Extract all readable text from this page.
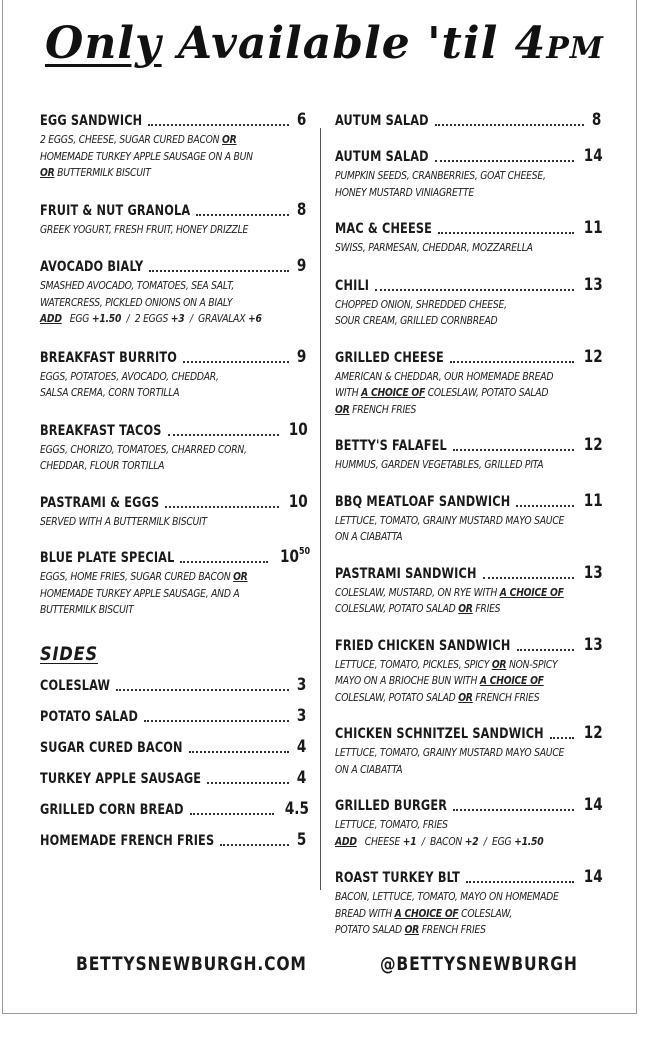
Only Available 'til 4PM
EGG SANDWICH	6
2 EGGS, CHEESE, SUGAR CURED BACON OR
HOMEMADE TURKEY APPLE SAUSAGE ON A BUN
OR BUTTERMILK BISCUIT
FRUIT & NUT GRANOLA	8
GREEK YOGURT, FRESH FRUIT, HONEY DRIZZLE
AVOCADO BIALY	9
SMASHED AVOCADO, TOMATOES, SEA SALT,
WATERCRESS, PICKLED ONIONS ON A BIALY
ADD   EGG +1.50  /  2 EGGS +3  /  GRAVALAX +6
BREAKFAST BURRITO	9
EGGS, POTATOES, AVOCADO, CHEDDAR,
SALSA CREMA, CORN TORTILLA
BREAKFAST TACOS	10
EGGS, CHORIZO, TOMATOES, CHARRED CORN,
CHEDDAR, FLOUR TORTILLA
PASTRAMI & EGGS	10
SERVED WITH A BUTTERMILK BISCUIT
BLUE PLATE SPECIAL	$10^{50}$
EGGS, HOME FRIES, SUGAR CURED BACON OR
HOMEMADE TURKEY APPLE SAUSAGE, AND A
BUTTERMILK BISCUIT
SIDES
COLESLAW	3
POTATO SALAD	3
SUGAR CURED BACON	4
TURKEY APPLE SAUSAGE	4
GRILLED CORN BREAD	4.5
HOMEMADE FRENCH FRIES	5
AUTUM SALAD	8
AUTUM SALAD	14
PUMPKIN SEEDS, CRANBERRIES, GOAT CHEESE,
HONEY MUSTARD VINIAGRETTE
MAC & CHEESE	11
SWISS, PARMESAN, CHEDDAR, MOZZARELLA
CHILI	13
CHOPPED ONION, SHREDDED CHEESE,
SOUR CREAM, GRILLED CORNBREAD
GRILLED CHEESE	12
AMERICAN & CHEDDAR, OUR HOMEMADE BREAD
WITH A CHOICE OF COLESLAW, POTATO SALAD
OR FRENCH FRIES
BETTY'S FALAFEL	12
HUMMUS, GARDEN VEGETABLES, GRILLED PITA
BBQ MEATLOAF SANDWICH	11
LETTUCE, TOMATO, GRAINY MUSTARD MAYO SAUCE
ON A CIABATTA
PASTRAMI SANDWICH	13
COLESLAW, MUSTARD, ON RYE WITH A CHOICE OF
COLESLAW, POTATO SALAD OR FRIES
FRIED CHICKEN SANDWICH	13
LETTUCE, TOMATO, PICKLES, SPICY OR NON-SPICY
MAYO ON A BRIOCHE BUN WITH A CHOICE OF
COLESLAW, POTATO SALAD OR FRENCH FRIES
CHICKEN SCHNITZEL SANDWICH 12
LETTUCE, TOMATO, GRAINY MUSTARD MAYO SAUCE
ON A CIABATTA
GRILLED BURGER	14
LETTUCE, TOMATO, FRIES
ADD   CHEESE +1  /  BACON +2  /  EGG +1.50
ROAST TURKEY BLT	14
BACON, LETTUCE, TOMATO, MAYO ON HOMEMADE
BREAD WITH A CHOICE OF COLESLAW,
POTATO SALAD OR FRENCH FRIES
BETTYSNEWBURGH.COM	@BETTYSNEWBURGH
